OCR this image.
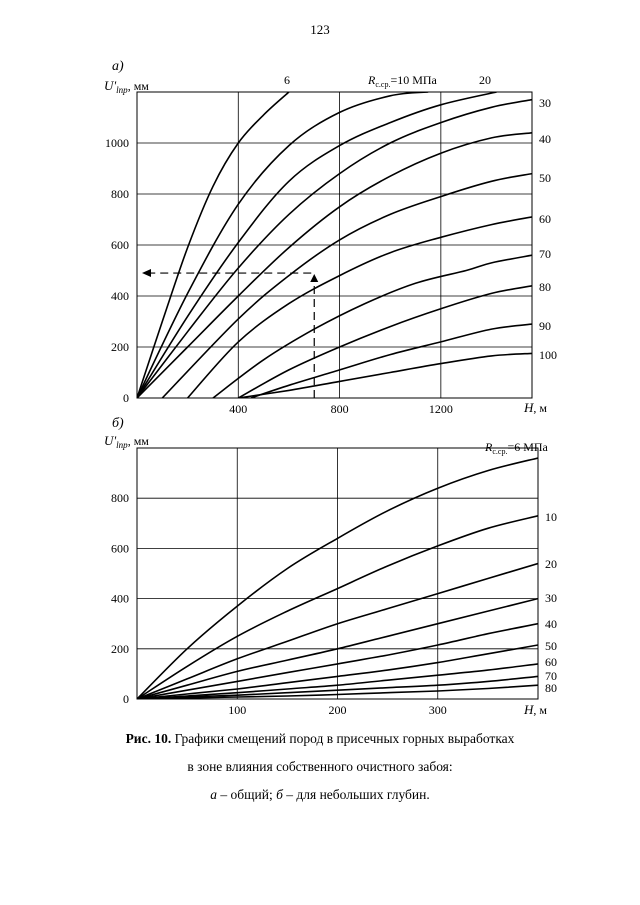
123
400	800	1200
0
200
400
600
800
1000
а)
$U'_{lпр}$, мм
H, м
$R_{с.ср.}=10$ МПа
6	20
30
40
50
60
70
80
90
100
100	200	300
0
200
400
600
800
б)
$U'_{lпр}$, мм
H, м
$R_{с.ср.}=6$ МПа
10
20
30
40
50
60
70
80
Рис. 10. Графики смещений пород в присечных горных выработках
в зоне влияния собственного очистного забоя:
а – общий; б – для небольших глубин.
